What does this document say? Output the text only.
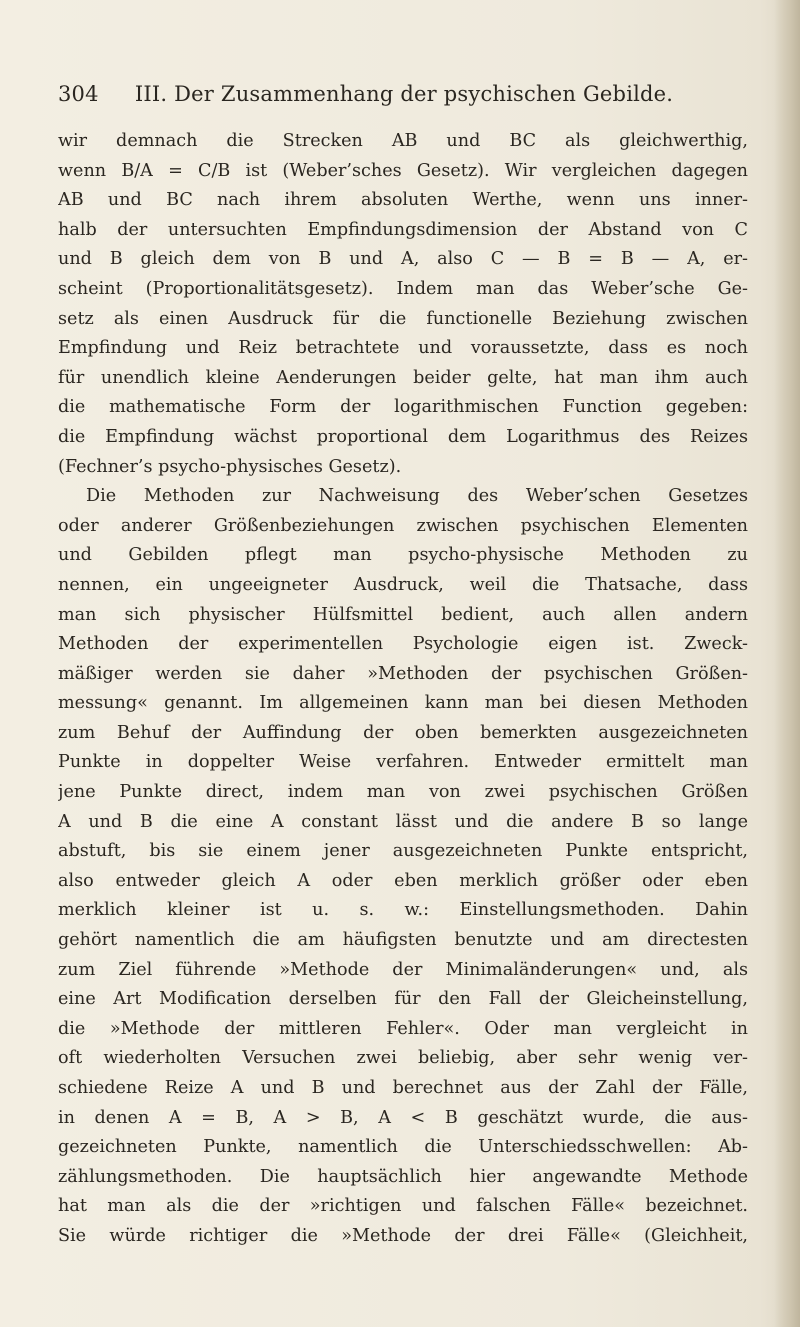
304 III. Der Zusammenhang der psychischen Gebilde.
wir demnach die Strecken AB und BC als gleichwerthig,
wenn B/A = C/B ist (Weber’sches Gesetz). Wir vergleichen dagegen
AB und BC nach ihrem absoluten Werthe, wenn uns inner-
halb der untersuchten Empfindungsdimension der Abstand von C
und B gleich dem von B und A, also C — B = B — A, er-
scheint (Proportionalitätsgesetz). Indem man das Weber’sche Ge-
setz als einen Ausdruck für die functionelle Beziehung zwischen
Empfindung und Reiz betrachtete und voraussetzte, dass es noch
für unendlich kleine Aenderungen beider gelte, hat man ihm auch
die mathematische Form der logarithmischen Function gegeben:
die Empfindung wächst proportional dem Logarithmus des Reizes
(Fechner’s psycho-physisches Gesetz).
Die Methoden zur Nachweisung des Weber’schen Gesetzes
oder anderer Größenbeziehungen zwischen psychischen Elementen
und Gebilden pflegt man psycho-physische Methoden zu
nennen, ein ungeeigneter Ausdruck, weil die Thatsache, dass
man sich physischer Hülfsmittel bedient, auch allen andern
Methoden der experimentellen Psychologie eigen ist. Zweck-
mäßiger werden sie daher »Methoden der psychischen Größen-
messung« genannt. Im allgemeinen kann man bei diesen Methoden
zum Behuf der Auffindung der oben bemerkten ausgezeichneten
Punkte in doppelter Weise verfahren. Entweder ermittelt man
jene Punkte direct, indem man von zwei psychischen Größen
A und B die eine A constant lässt und die andere B so lange
abstuft, bis sie einem jener ausgezeichneten Punkte entspricht,
also entweder gleich A oder eben merklich größer oder eben
merklich kleiner ist u. s. w.: Einstellungsmethoden. Dahin
gehört namentlich die am häufigsten benutzte und am directesten
zum Ziel führende »Methode der Minimaländerungen« und, als
eine Art Modification derselben für den Fall der Gleicheinstellung,
die »Methode der mittleren Fehler«. Oder man vergleicht in
oft wiederholten Versuchen zwei beliebig, aber sehr wenig ver-
schiedene Reize A und B und berechnet aus der Zahl der Fälle,
in denen A = B, A > B, A < B geschätzt wurde, die aus-
gezeichneten Punkte, namentlich die Unterschiedsschwellen: Ab-
zählungsmethoden. Die hauptsächlich hier angewandte Methode
hat man als die der »richtigen und falschen Fälle« bezeichnet.
Sie würde richtiger die »Methode der drei Fälle« (Gleichheit,
